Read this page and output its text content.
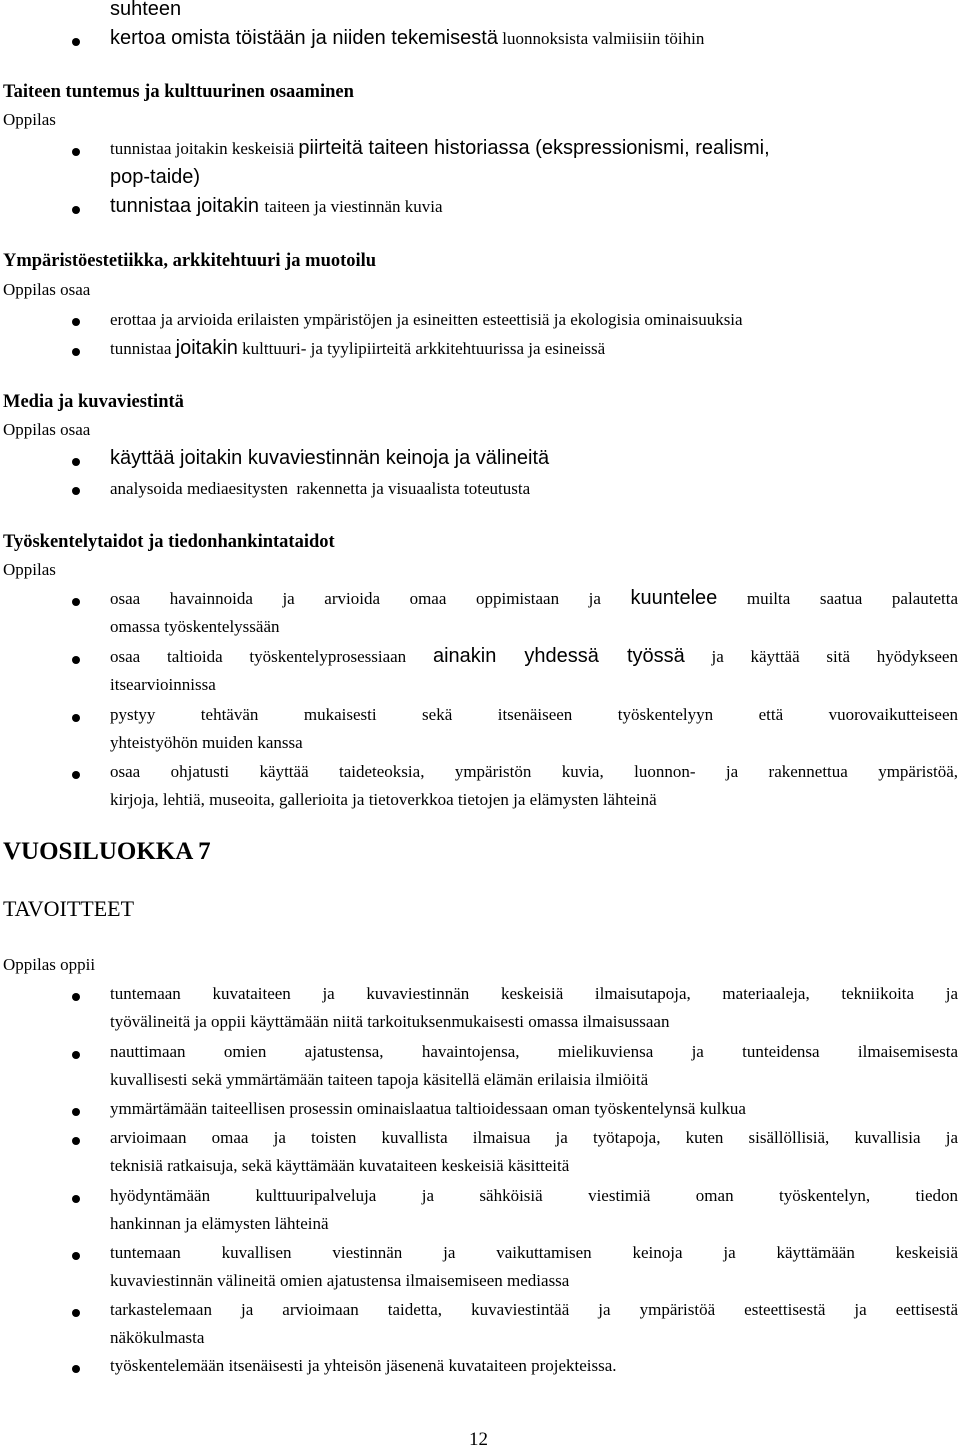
suhteen
kertoa omista töistään ja niiden tekemisestä luonnoksista valmiisiin töihin
Taiteen tuntemus ja kulttuurinen osaaminen
Oppilas
tunnistaa joitakin keskeisiä piirteitä taiteen historiassa (ekspressionismi, realismi,
pop-taide)
tunnistaa joitakin taiteen ja viestinnän kuvia
Ympäristöestetiikka, arkkitehtuuri ja muotoilu
Oppilas osaa
erottaa ja arvioida erilaisten ympäristöjen ja esineitten esteettisiä ja ekologisia ominaisuuksia
tunnistaa joitakin kulttuuri- ja tyylipiirteitä arkkitehtuurissa ja esineissä
Media ja kuvaviestintä
Oppilas osaa
käyttää joitakin kuvaviestinnän keinoja ja välineitä
analysoida mediaesitysten  rakennetta ja visuaalista toteutusta
Työskentelytaidot ja tiedonhankintataidot
Oppilas
VUOSILUOKKA 7
TAVOITTEET
Oppilas oppii
12
osaa havainnoida ja arvioida omaa oppimistaan ja kuuntelee muilta saatua palautetta
omassa työskentelyssään
osaa taltioida työskentelyprosessiaan ainakin yhdessä työssä ja käyttää sitä hyödykseen
itsearvioinnissa
pystyy tehtävän mukaisesti sekä itsenäiseen työskentelyyn että vuorovaikutteiseen
yhteistyöhön muiden kanssa
osaa ohjatusti käyttää taideteoksia, ympäristön kuvia, luonnon- ja rakennettua ympäristöä,
kirjoja, lehtiä, museoita, gallerioita ja tietoverkkoa tietojen ja elämysten lähteinä
tuntemaan kuvataiteen ja kuvaviestinnän keskeisiä ilmaisutapoja, materiaaleja, tekniikoita ja
työvälineitä ja oppii käyttämään niitä tarkoituksenmukaisesti omassa ilmaisussaan
nauttimaan omien ajatustensa, havaintojensa, mielikuviensa ja tunteidensa ilmaisemisesta
kuvallisesti sekä ymmärtämään taiteen tapoja käsitellä elämän erilaisia ilmiöitä
ymmärtämään taiteellisen prosessin ominaislaatua taltioidessaan oman työskentelynsä kulkua
arvioimaan omaa ja toisten kuvallista ilmaisua ja työtapoja, kuten sisällöllisiä, kuvallisia ja
teknisiä ratkaisuja, sekä käyttämään kuvataiteen keskeisiä käsitteitä
hyödyntämään kulttuuripalveluja ja sähköisiä viestimiä oman työskentelyn, tiedon
hankinnan ja elämysten lähteinä
tuntemaan kuvallisen viestinnän ja vaikuttamisen keinoja ja käyttämään keskeisiä
kuvaviestinnän välineitä omien ajatustensa ilmaisemiseen mediassa
tarkastelemaan ja arvioimaan taidetta, kuvaviestintää ja ympäristöä esteettisestä ja eettisestä
näkökulmasta
työskentelemään itsenäisesti ja yhteisön jäsenenä kuvataiteen projekteissa.
